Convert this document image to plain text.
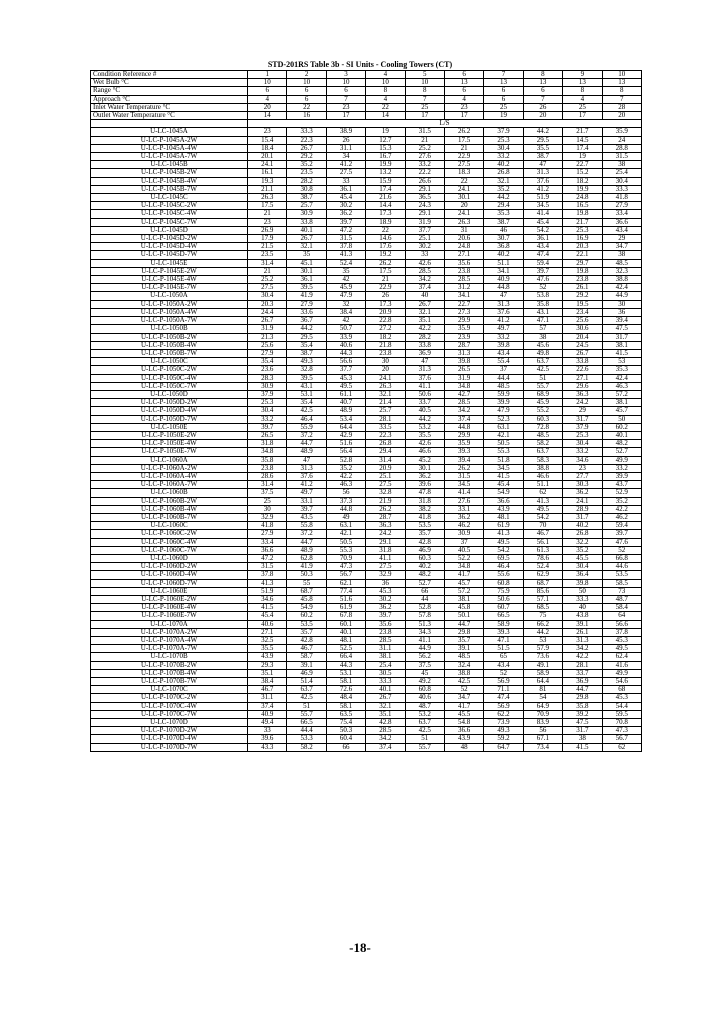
STD-201RS Table 3b - SI Units - Cooling Towers (CT)
Condition Reference #	1	2	3	4	5	6	7	8	9	10
Wet Bulb °C	10	10	10	10	10	13	13	13	13	13
Range °C	6	6	6	8	8	6	6	6	8	8
Approach °C	4	6	7	4	7	4	6	7	4	7
Inlet Water Temperature °C	20	22	23	22	25	23	25	26	25	28
Outlet Water Temperature °C	14	16	17	14	17	17	19	20	17	20
	L/S									
U-LC-1045A	23	33.3	38.9	19	31.5	26.2	37.9	44.2	21.7	35.9
U-LC-P-1045A-2W	15.4	22.3	26	12.7	21	17.5	25.3	29.5	14.5	24
U-LC-P-1045A-4W	18.4	26.7	31.1	15.3	25.2	21	30.4	35.5	17.4	28.8
U-LC-P-1045A-7W	20.1	29.2	34	16.7	27.6	22.9	33.2	38.7	19	31.5
U-LC-1045B	24.1	35.2	41.2	19.9	33.2	27.5	40.2	47	22.7	38
U-LC-P-1045B-2W	16.1	23.5	27.5	13.2	22.2	18.3	26.8	31.3	15.2	25.4
U-LC-P-1045B-4W	19.3	28.2	33	15.9	26.6	22	32.1	37.6	18.2	30.4
U-LC-P-1045B-7W	21.1	30.8	36.1	17.4	29.1	24.1	35.2	41.2	19.9	33.3
U-LC-1045C	26.3	38.7	45.4	21.6	36.5	30.1	44.2	51.9	24.8	41.8
U-LC-P-1045C-2W	17.5	25.7	30.2	14.4	24.3	20	29.4	34.5	16.5	27.9
U-LC-P-1045C-4W	21	30.9	36.2	17.3	29.1	24.1	35.3	41.4	19.8	33.4
U-LC-P-1045C-7W	23	33.8	39.7	18.9	31.9	26.3	38.7	45.4	21.7	36.6
U-LC-1045D	26.9	40.1	47.2	22	37.7	31	46	54.2	25.3	43.4
U-LC-P-1045D-2W	17.9	26.7	31.5	14.6	25.1	20.6	30.7	36.1	16.9	29
U-LC-P-1045D-4W	21.5	32.1	37.8	17.6	30.2	24.8	36.8	43.4	20.3	34.7
U-LC-P-1045D-7W	23.5	35	41.3	19.2	33	27.1	40.2	47.4	22.1	38
U-LC-1045E	31.4	45.1	52.4	26.2	42.6	35.6	51.1	59.4	29.7	48.5
U-LC-P-1045E-2W	21	30.1	35	17.5	28.5	23.8	34.1	39.7	19.8	32.3
U-LC-P-1045E-4W	25.2	36.1	42	21	34.2	28.5	40.9	47.6	23.8	38.8
U-LC-P-1045E-7W	27.5	39.5	45.9	22.9	37.4	31.2	44.8	52	26.1	42.4
U-LC-1050A	30.4	41.9	47.9	26	40	34.1	47	53.8	29.2	44.9
U-LC-P-1050A-2W	20.3	27.9	32	17.3	26.7	22.7	31.3	35.8	19.5	30
U-LC-P-1050A-4W	24.4	33.6	38.4	20.9	32.1	27.3	37.6	43.1	23.4	36
U-LC-P-1050A-7W	26.7	36.7	42	22.8	35.1	29.9	41.2	47.1	25.6	39.4
U-LC-1050B	31.9	44.2	50.7	27.2	42.2	35.9	49.7	57	30.6	47.5
U-LC-P-1050B-2W	21.3	29.5	33.9	18.2	28.2	23.9	33.2	38	20.4	31.7
U-LC-P-1050B-4W	25.6	35.4	40.6	21.8	33.8	28.7	39.8	45.6	24.5	38.1
U-LC-P-1050B-7W	27.9	38.7	44.3	23.8	36.9	31.3	43.4	49.8	26.7	41.5
U-LC-1050C	35.4	49.3	56.6	30	47	39.8	55.4	63.7	33.8	53
U-LC-P-1050C-2W	23.6	32.8	37.7	20	31.3	26.5	37	42.5	22.6	35.3
U-LC-P-1050C-4W	28.3	39.5	45.3	24.1	37.6	31.9	44.4	51	27.1	42.4
U-LC-P-1050C-7W	30.9	43.1	49.5	26.3	41.1	34.8	48.5	55.7	29.6	46.3
U-LC-1050D	37.9	53.1	61.1	32.1	50.6	42.7	59.9	68.9	36.3	57.2
U-LC-P-1050D-2W	25.3	35.4	40.7	21.4	33.7	28.5	39.9	45.9	24.2	38.1
U-LC-P-1050D-4W	30.4	42.5	48.9	25.7	40.5	34.2	47.9	55.2	29	45.7
U-LC-P-1050D-7W	33.2	46.4	53.4	28.1	44.2	37.4	52.3	60.3	31.7	50
U-LC-1050E	39.7	55.9	64.4	33.5	53.2	44.8	63.1	72.8	37.9	60.2
U-LC-P-1050E-2W	26.5	37.2	42.9	22.3	35.5	29.9	42.1	48.5	25.3	40.1
U-LC-P-1050E-4W	31.8	44.7	51.6	26.8	42.6	35.9	50.5	58.2	30.4	48.2
U-LC-P-1050E-7W	34.8	48.9	56.4	29.4	46.6	39.3	55.3	63.7	33.2	52.7
U-LC-1060A	35.8	47	52.8	31.4	45.2	39.4	51.8	58.3	34.6	49.9
U-LC-P-1060A-2W	23.8	31.3	35.2	20.9	30.1	26.2	34.5	38.8	23	33.2
U-LC-P-1060A-4W	28.6	37.6	42.2	25.1	36.2	31.5	41.5	46.6	27.7	39.9
U-LC-P-1060A-7W	31.4	41.2	46.3	27.5	39.6	34.5	45.4	51.1	30.3	43.7
U-LC-1060B	37.5	49.7	56	32.8	47.8	41.4	54.9	62	36.2	52.9
U-LC-P-1060B-2W	25	33.1	37.3	21.9	31.8	27.6	36.6	41.3	24.1	35.2
U-LC-P-1060B-4W	30	39.7	44.8	26.2	38.2	33.1	43.9	49.5	28.9	42.2
U-LC-P-1060B-7W	32.9	43.5	49	28.7	41.8	36.2	48.1	54.2	31.7	46.2
U-LC-1060C	41.8	55.8	63.1	36.3	53.5	46.2	61.9	70	40.2	59.4
U-LC-P-1060C-2W	27.9	37.2	42.1	24.2	35.7	30.9	41.3	46.7	26.8	39.7
U-LC-P-1060C-4W	33.4	44.7	50.5	29.1	42.8	37	49.5	56.1	32.2	47.6
U-LC-P-1060C-7W	36.6	48.9	55.3	31.8	46.9	40.5	54.2	61.3	35.2	52
U-LC-1060D	47.2	62.8	70.9	41.1	60.3	52.2	69.5	78.6	45.5	66.8
U-LC-P-1060D-2W	31.5	41.9	47.3	27.5	40.2	34.8	46.4	52.4	30.4	44.6
U-LC-P-1060D-4W	37.8	50.3	56.7	32.9	48.2	41.7	55.6	62.9	36.4	53.5
U-LC-P-1060D-7W	41.3	55	62.1	36	52.7	45.7	60.8	68.7	39.8	58.5
U-LC-1060E	51.9	68.7	77.4	45.3	66	57.2	75.9	85.6	50	73
U-LC-P-1060E-2W	34.6	45.8	51.6	30.2	44	38.1	50.6	57.1	33.3	48.7
U-LC-P-1060E-4W	41.5	54.9	61.9	36.2	52.8	45.8	60.7	68.5	40	58.4
U-LC-P-1060E-7W	45.4	60.2	67.8	39.7	57.8	50.1	66.5	75	43.8	64
U-LC-1070A	40.6	53.5	60.1	35.6	51.3	44.7	58.9	66.2	39.1	56.6
U-LC-P-1070A-2W	27.1	35.7	40.1	23.8	34.3	29.8	39.3	44.2	26.1	37.8
U-LC-P-1070A-4W	32.5	42.8	48.1	28.5	41.1	35.7	47.1	53	31.3	45.3
U-LC-P-1070A-7W	35.5	46.7	52.5	31.1	44.9	39.1	51.5	57.9	34.2	49.5
U-LC-1070B	43.9	58.7	66.4	38.1	56.2	48.5	65	73.6	42.2	62.4
U-LC-P-1070B-2W	29.3	39.1	44.3	25.4	37.5	32.4	43.4	49.1	28.1	41.6
U-LC-P-1070B-4W	35.1	46.9	53.1	30.5	45	38.8	52	58.9	33.7	49.9
U-LC-P-1070B-7W	38.4	51.4	58.1	33.3	49.2	42.5	56.9	64.4	36.9	54.6
U-LC-1070C	46.7	63.7	72.6	40.1	60.8	52	71.1	81	44.7	68
U-LC-P-1070C-2W	31.1	42.5	48.4	26.7	40.6	34.7	47.4	54	29.8	45.3
U-LC-P-1070C-4W	37.4	51	58.1	32.1	48.7	41.7	56.9	64.9	35.8	54.4
U-LC-P-1070C-7W	40.9	55.7	63.5	35.1	53.2	45.5	62.2	70.9	39.2	59.5
U-LC-1070D	49.4	66.5	75.4	42.8	63.7	54.8	73.9	83.9	47.5	70.8
U-LC-P-1070D-2W	33	44.4	50.3	28.5	42.5	36.6	49.3	56	31.7	47.3
U-LC-P-1070D-4W	39.6	53.3	60.4	34.2	51	43.9	59.2	67.1	38	56.7
U-LC-P-1070D-7W	43.3	58.2	66	37.4	55.7	48	64.7	73.4	41.5	62
-18-
